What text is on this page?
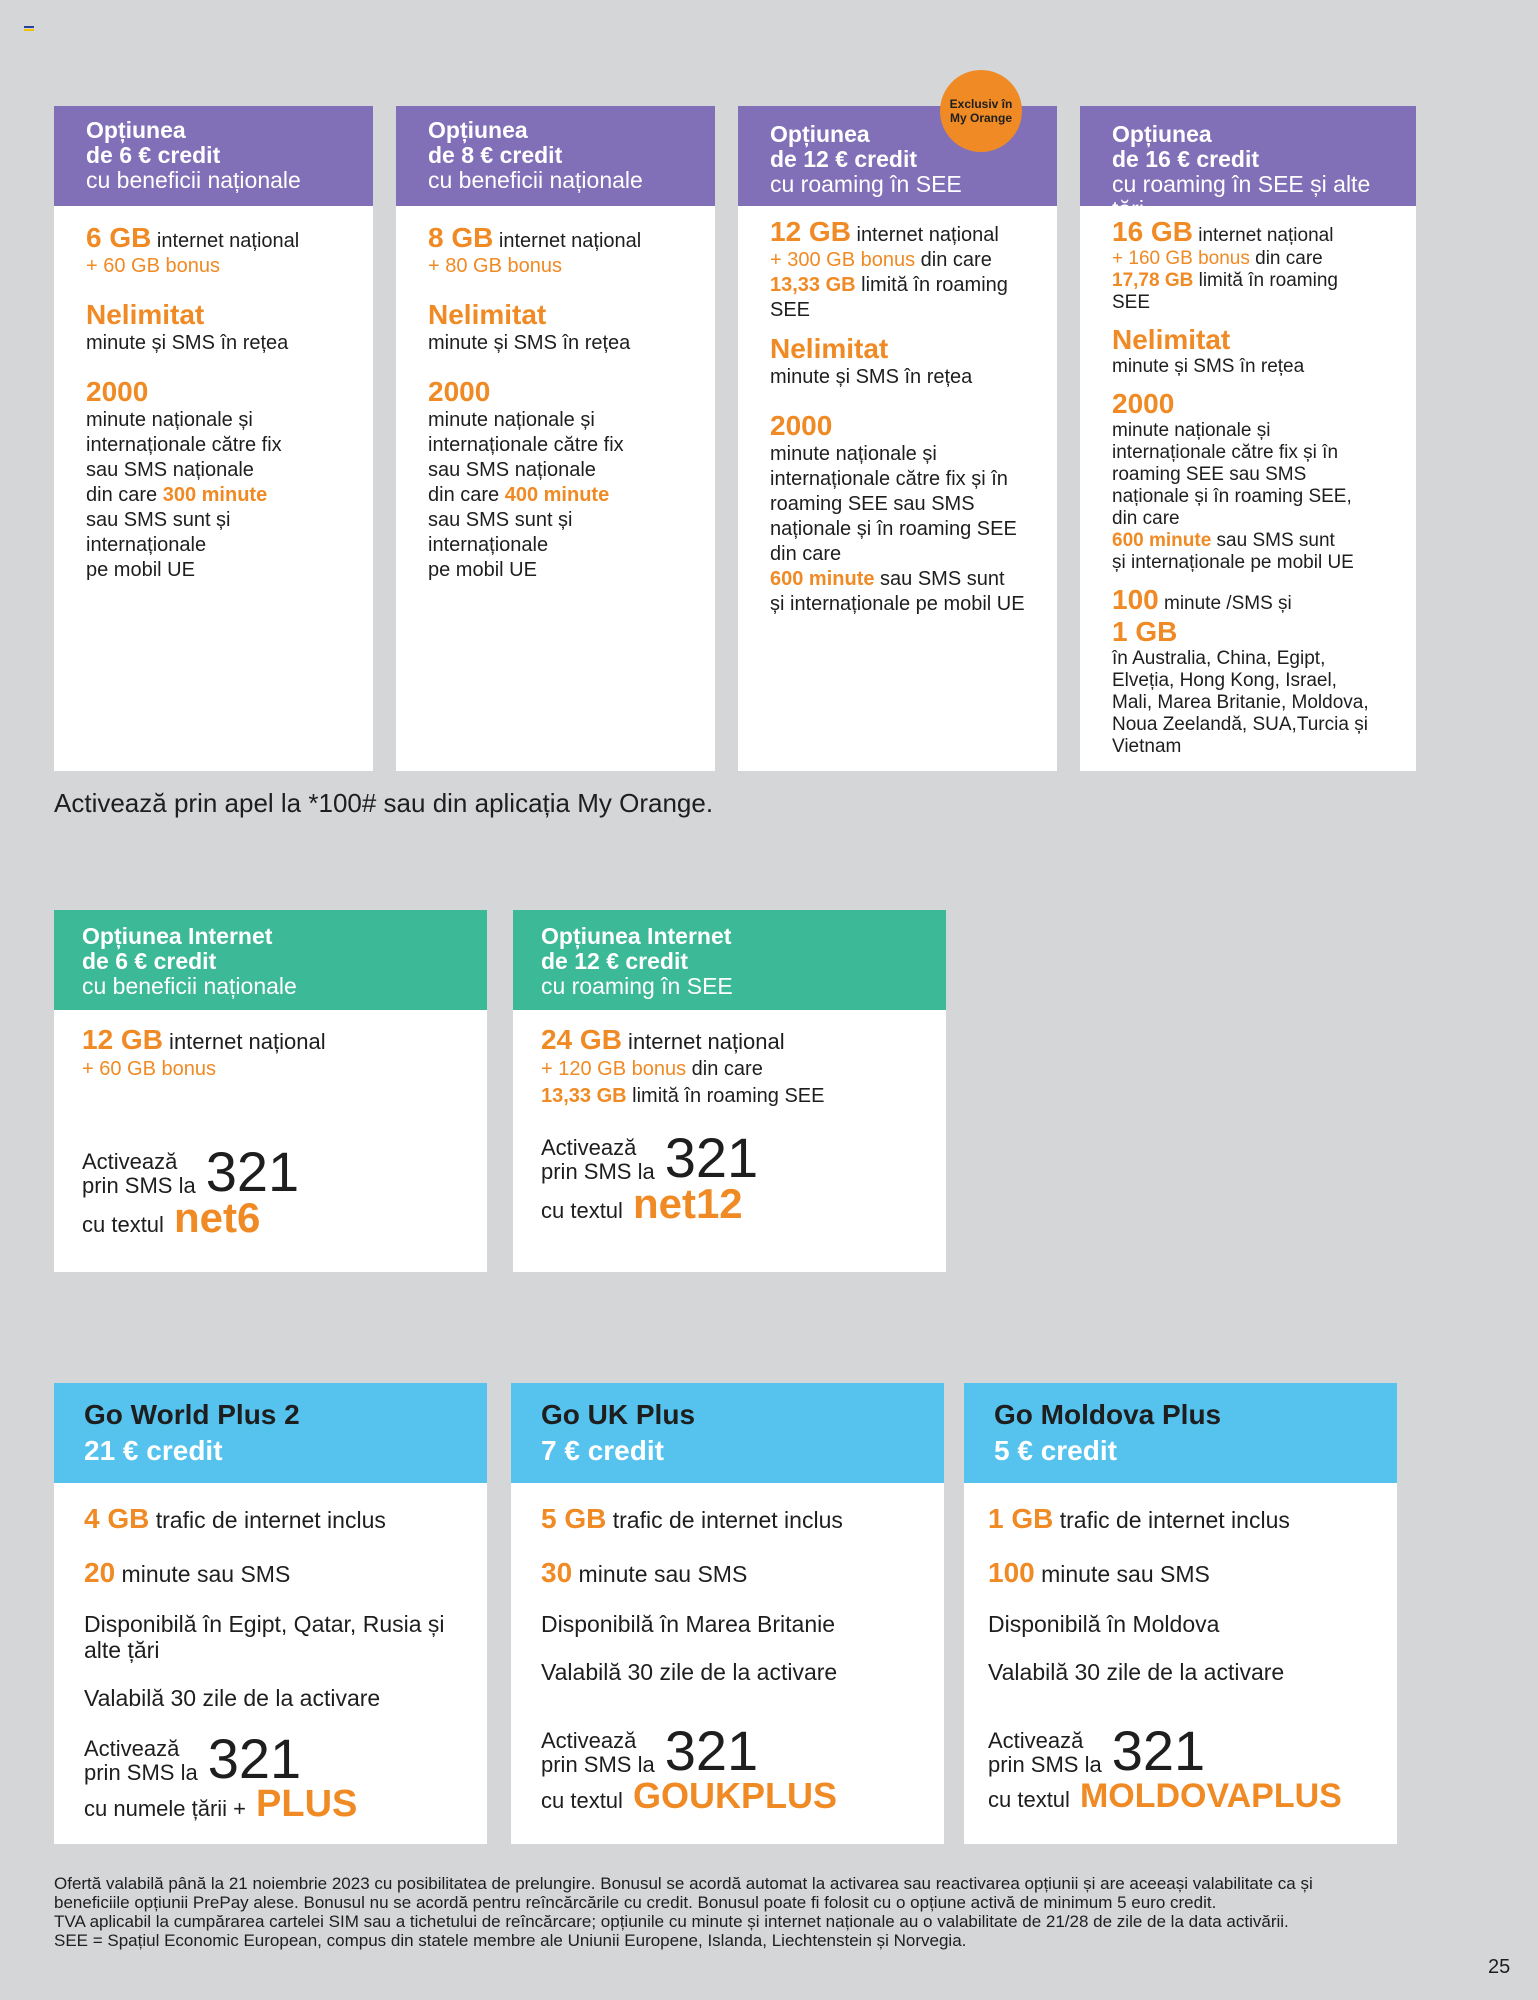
Exclusiv în
My Orange
Opțiunea
de 6 € credit
cu beneficii naționale
6 GB internet național
+ 60 GB bonus
Nelimitat
minute și SMS în rețea
2000
minute naționale și
internaționale către fix
sau SMS naționale
din care 300 minute
sau SMS sunt și
internaționale
pe mobil UE
Opțiunea
de 8 € credit
cu beneficii naționale
8 GB internet național
+ 80 GB bonus
Nelimitat
minute și SMS în rețea
2000
minute naționale și
internaționale către fix
sau SMS naționale
din care 400 minute
sau SMS sunt și
internaționale
pe mobil UE
Opțiunea
de 12 € credit
cu roaming în SEE
12 GB internet național
+ 300 GB bonus din care
13,33 GB limită în roaming
SEE
Nelimitat
minute și SMS în rețea
2000
minute naționale și
internaționale către fix și în
roaming SEE sau SMS
naționale și în roaming SEE
din care
600 minute sau SMS sunt
și internaționale pe mobil UE
Opțiunea
de 16 € credit
cu roaming în SEE și alte țări
16 GB internet național
+ 160 GB bonus din care
17,78 GB limită în roaming
SEE
Nelimitat
minute și SMS în rețea
2000
minute naționale și
internaționale către fix și în
roaming SEE sau SMS
naționale și în roaming SEE,
din care
600 minute sau SMS sunt
și internaționale pe mobil UE
100 minute /SMS și
1 GB
în Australia, China, Egipt,
Elveția, Hong Kong, Israel,
Mali, Marea Britanie, Moldova,
Noua Zeelandă, SUA,Turcia și
Vietnam
Activează prin apel la *100# sau din aplicația My Orange.
Opțiunea Internet
de 6 € credit
cu beneficii naționale
12 GB internet național
+ 60 GB bonus
Activează
prin SMS la 321
cu textul net6
Opțiunea Internet
de 12 € credit
cu roaming în SEE
24 GB internet național
+ 120 GB bonus din care
13,33 GB limită în roaming SEE
Activează
prin SMS la 321
cu textul net12
Go World Plus 2
21 € credit
4 GB trafic de internet inclus
20 minute sau SMS
Disponibilă în Egipt, Qatar, Rusia și
alte țări
Valabilă 30 zile de la activare
Activează
prin SMS la 321
cu numele țării + PLUS
Go UK Plus
7 € credit
5 GB trafic de internet inclus
30 minute sau SMS
Disponibilă în Marea Britanie
Valabilă 30 zile de la activare
Activează
prin SMS la 321
cu textul GOUKPLUS
Go Moldova Plus
5 € credit
1 GB trafic de internet inclus
100 minute sau SMS
Disponibilă în Moldova
Valabilă 30 zile de la activare
Activează
prin SMS la 321
cu textul MOLDOVAPLUS
Ofertă valabilă până la 21 noiembrie 2023 cu posibilitatea de prelungire. Bonusul se acordă automat la activarea sau reactivarea opțiunii și are aceeași valabilitate ca și
beneficiile opțiunii PrePay alese. Bonusul nu se acordă pentru reîncărcările cu credit. Bonusul poate fi folosit cu o opțiune activă de minimum 5 euro credit.
TVA aplicabil la cumpărarea cartelei SIM sau a tichetului de reîncărcare; opțiunile cu minute și internet naționale au o valabilitate de 21/28 de zile de la data activării.
SEE = Spațiul Economic European, compus din statele membre ale Uniunii Europene, Islanda, Liechtenstein și Norvegia.
25
